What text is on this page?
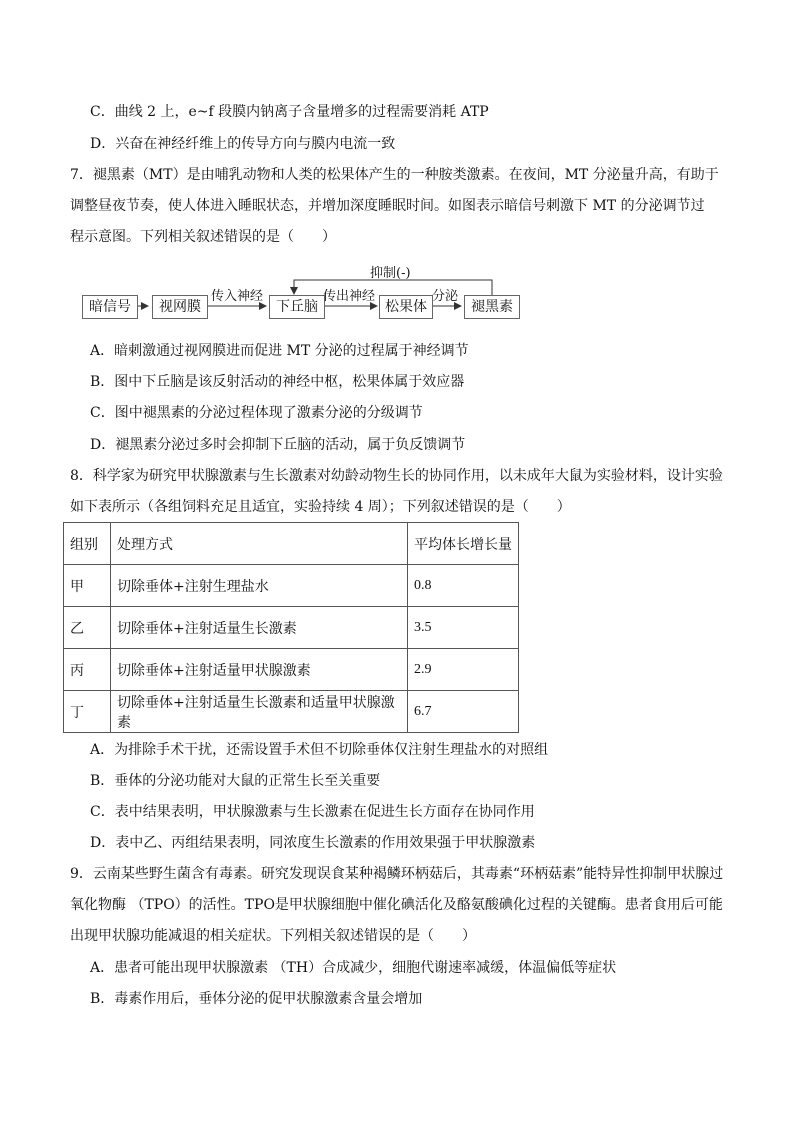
C．曲线 2 上，e~f 段膜内钠离子含量增多的过程需要消耗 ATP
D．兴奋在神经纤维上的传导方向与膜内电流一致
7．褪黑素（MT）是由哺乳动物和人类的松果体产生的一种胺类激素。在夜间，MT 分泌量升高，有助于
调整昼夜节奏，使人体进入睡眠状态，并增加深度睡眠时间。如图表示暗信号刺激下 MT 的分泌调节过
程示意图。下列相关叙述错误的是（　　）
暗信号	视网膜	下丘脑	松果体	褪黑素
传入神经	传出神经	分泌
抑制(-)
A．暗刺激通过视网膜进而促进 MT 分泌的过程属于神经调节
B．图中下丘脑是该反射活动的神经中枢，松果体属于效应器
C．图中褪黑素的分泌过程体现了激素分泌的分级调节
D．褪黑素分泌过多时会抑制下丘脑的活动，属于负反馈调节
8．科学家为研究甲状腺激素与生长激素对幼龄动物生长的协同作用，以未成年大鼠为实验材料，设计实验
如下表所示（各组饲料充足且适宜，实验持续 4 周）；下列叙述错误的是（　　）
组别	处理方式	平均体长增长量
甲	切除垂体+注射生理盐水	0.8
乙	切除垂体+注射适量生长激素	3.5
丙	切除垂体+注射适量甲状腺激素	2.9
丁	切除垂体+注射适量生长激素和适量甲状腺激素	6.7
A．为排除手术干扰，还需设置手术但不切除垂体仅注射生理盐水的对照组
B．垂体的分泌功能对大鼠的正常生长至关重要
C．表中结果表明，甲状腺激素与生长激素在促进生长方面存在协同作用
D．表中乙、丙组结果表明，同浓度生长激素的作用效果强于甲状腺激素
9．云南某些野生菌含有毒素。研究发现误食某种褐鳞环柄菇后，其毒素“环柄菇素”能特异性抑制甲状腺过
氧化物酶 （TPO）的活性。TPO是甲状腺细胞中催化碘活化及酪氨酸碘化过程的关键酶。患者食用后可能
出现甲状腺功能减退的相关症状。下列相关叙述错误的是（　　）
A．患者可能出现甲状腺激素 （TH）合成减少，细胞代谢速率减缓，体温偏低等症状
B．毒素作用后，垂体分泌的促甲状腺激素含量会增加
